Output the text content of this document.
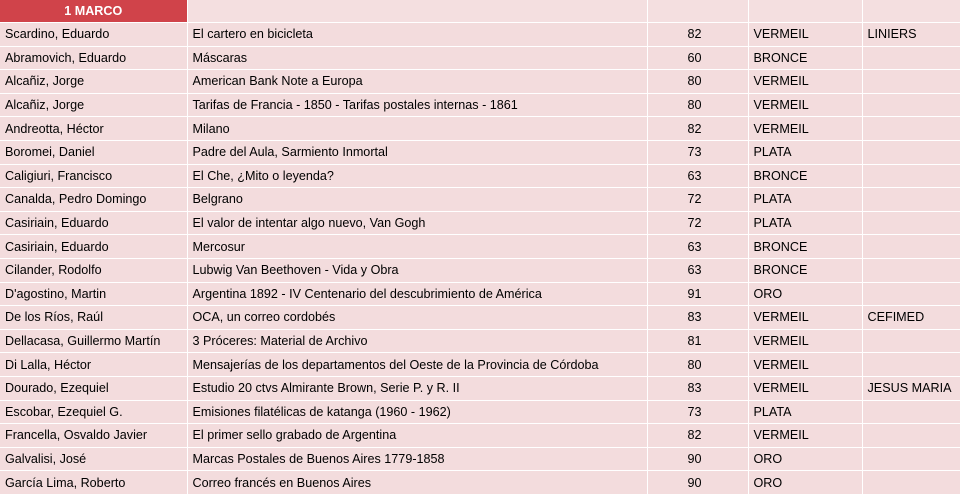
1 MARCO				
Scardino, Eduardo	El cartero en bicicleta	82	VERMEIL	LINIERS
Abramovich, Eduardo	Máscaras	60	BRONCE	
Alcañiz, Jorge	American Bank Note a Europa	80	VERMEIL	
Alcañiz, Jorge	Tarifas de Francia - 1850 - Tarifas postales internas - 1861	80	VERMEIL	
Andreotta, Héctor	Milano	82	VERMEIL	
Boromei, Daniel	Padre del Aula, Sarmiento Inmortal	73	PLATA	
Caligiuri, Francisco	El Che, ¿Mito o leyenda?	63	BRONCE	
Canalda, Pedro Domingo	Belgrano	72	PLATA	
Casiriain, Eduardo	El valor de intentar algo nuevo, Van Gogh	72	PLATA	
Casiriain, Eduardo	Mercosur	63	BRONCE	
Cilander, Rodolfo	Lubwig Van Beethoven - Vida y Obra	63	BRONCE	
D'agostino, Martin	Argentina 1892 - IV Centenario del descubrimiento de América	91	ORO	
De los Ríos, Raúl	OCA, un correo cordobés	83	VERMEIL	CEFIMED
Dellacasa, Guillermo Martín	3 Próceres: Material de Archivo	81	VERMEIL	
Di Lalla, Héctor	Mensajerías de los departamentos del Oeste de la Provincia de Córdoba	80	VERMEIL	
Dourado, Ezequiel	Estudio 20 ctvs Almirante Brown, Serie P. y R. II	83	VERMEIL	JESUS MARIA
Escobar, Ezequiel G.	Emisiones filatélicas de katanga (1960 - 1962)	73	PLATA	
Francella, Osvaldo Javier	El primer sello grabado de Argentina	82	VERMEIL	
Galvalisi, José	Marcas Postales de Buenos Aires 1779-1858	90	ORO	
García Lima, Roberto	Correo francés en Buenos Aires	90	ORO	
